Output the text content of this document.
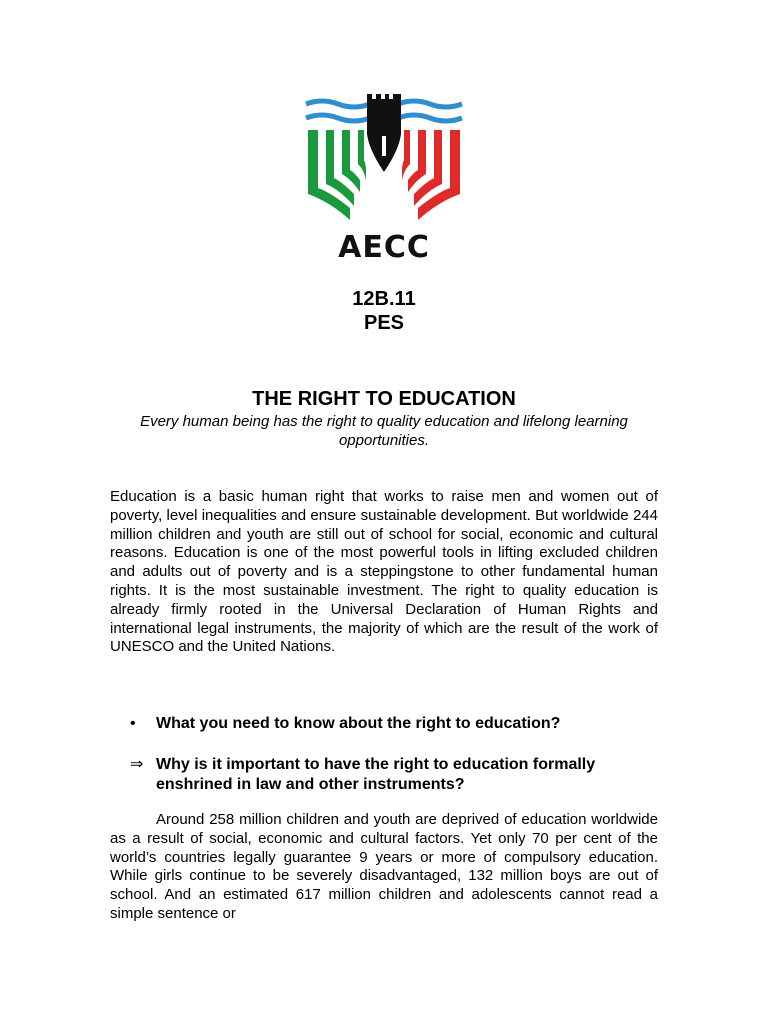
AECC
12B.11
PES
THE RIGHT TO EDUCATION
Every human being has the right to quality education and lifelong learning opportunities.

Education is a basic human right that works to raise men and women out of poverty, level inequalities and ensure sustainable development. But worldwide 244 million children and youth are still out of school for social, economic and cultural reasons. Education is one of the most powerful tools in lifting excluded children and adults out of poverty and is a steppingstone to other fundamental human rights. It is the most sustainable investment. The right to quality education is already firmly rooted in the Universal Declaration of Human Rights and international legal instruments, the majority of which are the result of the work of UNESCO and the United Nations.

•	What you need to know about the right to education?
⇒ Why is it important to have the right to education formally enshrined in law and other instruments?

Around 258 million children and youth are deprived of education worldwide as a result of social, economic and cultural factors. Yet only 70 per cent of the world’s countries legally guarantee 9 years or more of compulsory education. While girls continue to be severely disadvantaged, 132 million boys are out of school. And an estimated 617 million children and adolescents cannot read a simple sentence or
